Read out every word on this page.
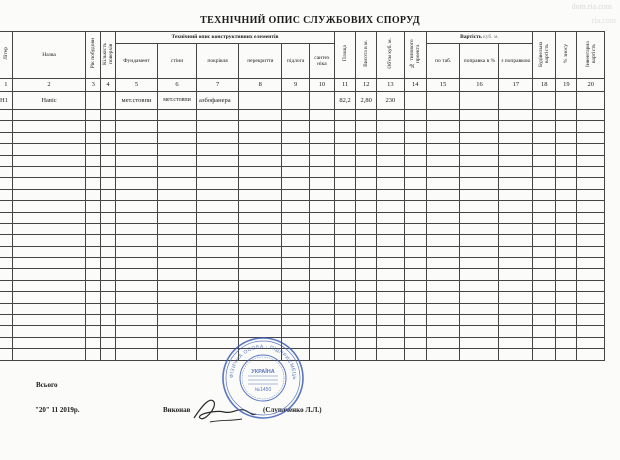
ТЕХНІЧНИЙ ОПИС СЛУЖБОВИХ СПОРУД
dom.ria.com
ria.com
Літер	Назва	Рік побудови	Кількість поверхів	Технічний опис конструктивних елементів						Площа	Висота в м.	Об'єм куб. м.	№ типового проекта	Вартість куб. м.			Будівельна вартість	% зносу	Інвентарна вартість
				Фундамент	стіни	покрівля	перекриття	підлога	сантех ніка					по таб.	поправка в %	з поправкою			
1	2	3	4	5	6	7	8	9	10	11	12	13	14	15	16	17	18	19	20
Н1	Навіс			мет.стовпи	мет.стовпи	азбофанера				82,2	2,80	230							

Всього
"20" 11 2019р.	Виконав	(Слупаченко Л.Л.)
ФІЗИЧНА ОСОБА - ПІДПРИЄМЕЦЬ
УКРАЇНА
№1450
